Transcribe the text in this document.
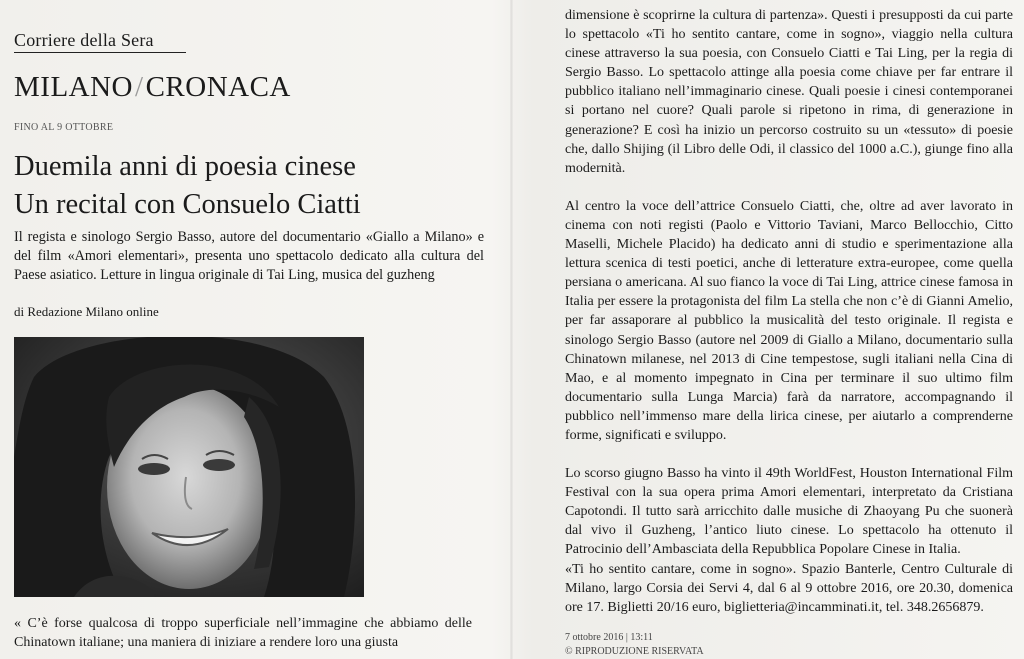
Corriere della Sera
MILANO/CRONACA
FINO AL 9 OTTOBRE
Duemila anni di poesia cinese
Un recital con Consuelo Ciatti

Il regista e sinologo Sergio Basso, autore del documentario «Giallo a Milano» e del film «Amori elementari», presenta uno spettacolo dedicato alla cultura del Paese asiatico. Letture in lingua originale di Tai Ling, musica del guzheng

di Redazione Milano online

« C’è forse qualcosa di troppo superficiale nell’immagine che abbiamo delle Chinatown italiane; una maniera di iniziare a rendere loro una giusta

dimensione è scoprirne la cultura di partenza». Questi i presupposti da cui parte lo spettacolo «Ti ho sentito cantare, come in sogno», viaggio nella cultura cinese attraverso la sua poesia, con Consuelo Ciatti e Tai Ling, per la regia di Sergio Basso. Lo spettacolo attinge alla poesia come chiave per far entrare il pubblico italiano nell’immaginario cinese. Quali poesie i cinesi contemporanei si portano nel cuore? Quali parole si ripetono in rima, di generazione in generazione? E così ha inizio un percorso costruito su un «tessuto» di poesie che, dallo Shijing (il Libro delle Odi, il classico del 1000 a.C.), giunge fino alla modernità.

Al centro la voce dell’attrice Consuelo Ciatti, che, oltre ad aver lavorato in cinema con noti registi (Paolo e Vittorio Taviani, Marco Bellocchio, Citto Maselli, Michele Placido) ha dedicato anni di studio e sperimentazione alla lettura scenica di testi poetici, anche di letterature extra-europee, come quella persiana o americana. Al suo fianco la voce di Tai Ling, attrice cinese famosa in Italia per essere la protagonista del film La stella che non c’è di Gianni Amelio, per far assaporare al pubblico la musicalità del testo originale. Il regista e sinologo Sergio Basso (autore nel 2009 di Giallo a Milano, documentario sulla Chinatown milanese, nel 2013 di Cine tempestose, sugli italiani nella Cina di Mao, e al momento impegnato in Cina per terminare il suo ultimo film documentario sulla Lunga Marcia) farà da narratore, accompagnando il pubblico nell’immenso mare della lirica cinese, per aiutarlo a comprenderne forme, significati e sviluppo.

Lo scorso giugno Basso ha vinto il 49th WorldFest, Houston International Film Festival con la sua opera prima Amori elementari, interpretato da Cristiana Capotondi. Il tutto sarà arricchito dalle musiche di Zhaoyang Pu che suonerà dal vivo il Guzheng, l’antico liuto cinese. Lo spettacolo ha ottenuto il Patrocinio dell’Ambasciata della Repubblica Popolare Cinese in Italia.

«Ti ho sentito cantare, come in sogno». Spazio Banterle, Centro Culturale di Milano, largo Corsia dei Servi 4, dal 6 al 9 ottobre 2016, ore 20.30, domenica ore 17. Biglietti 20/16 euro, biglietteria@incamminati.it, tel. 348.2656879.

7 ottobre 2016 | 13:11
© RIPRODUZIONE RISERVATA
